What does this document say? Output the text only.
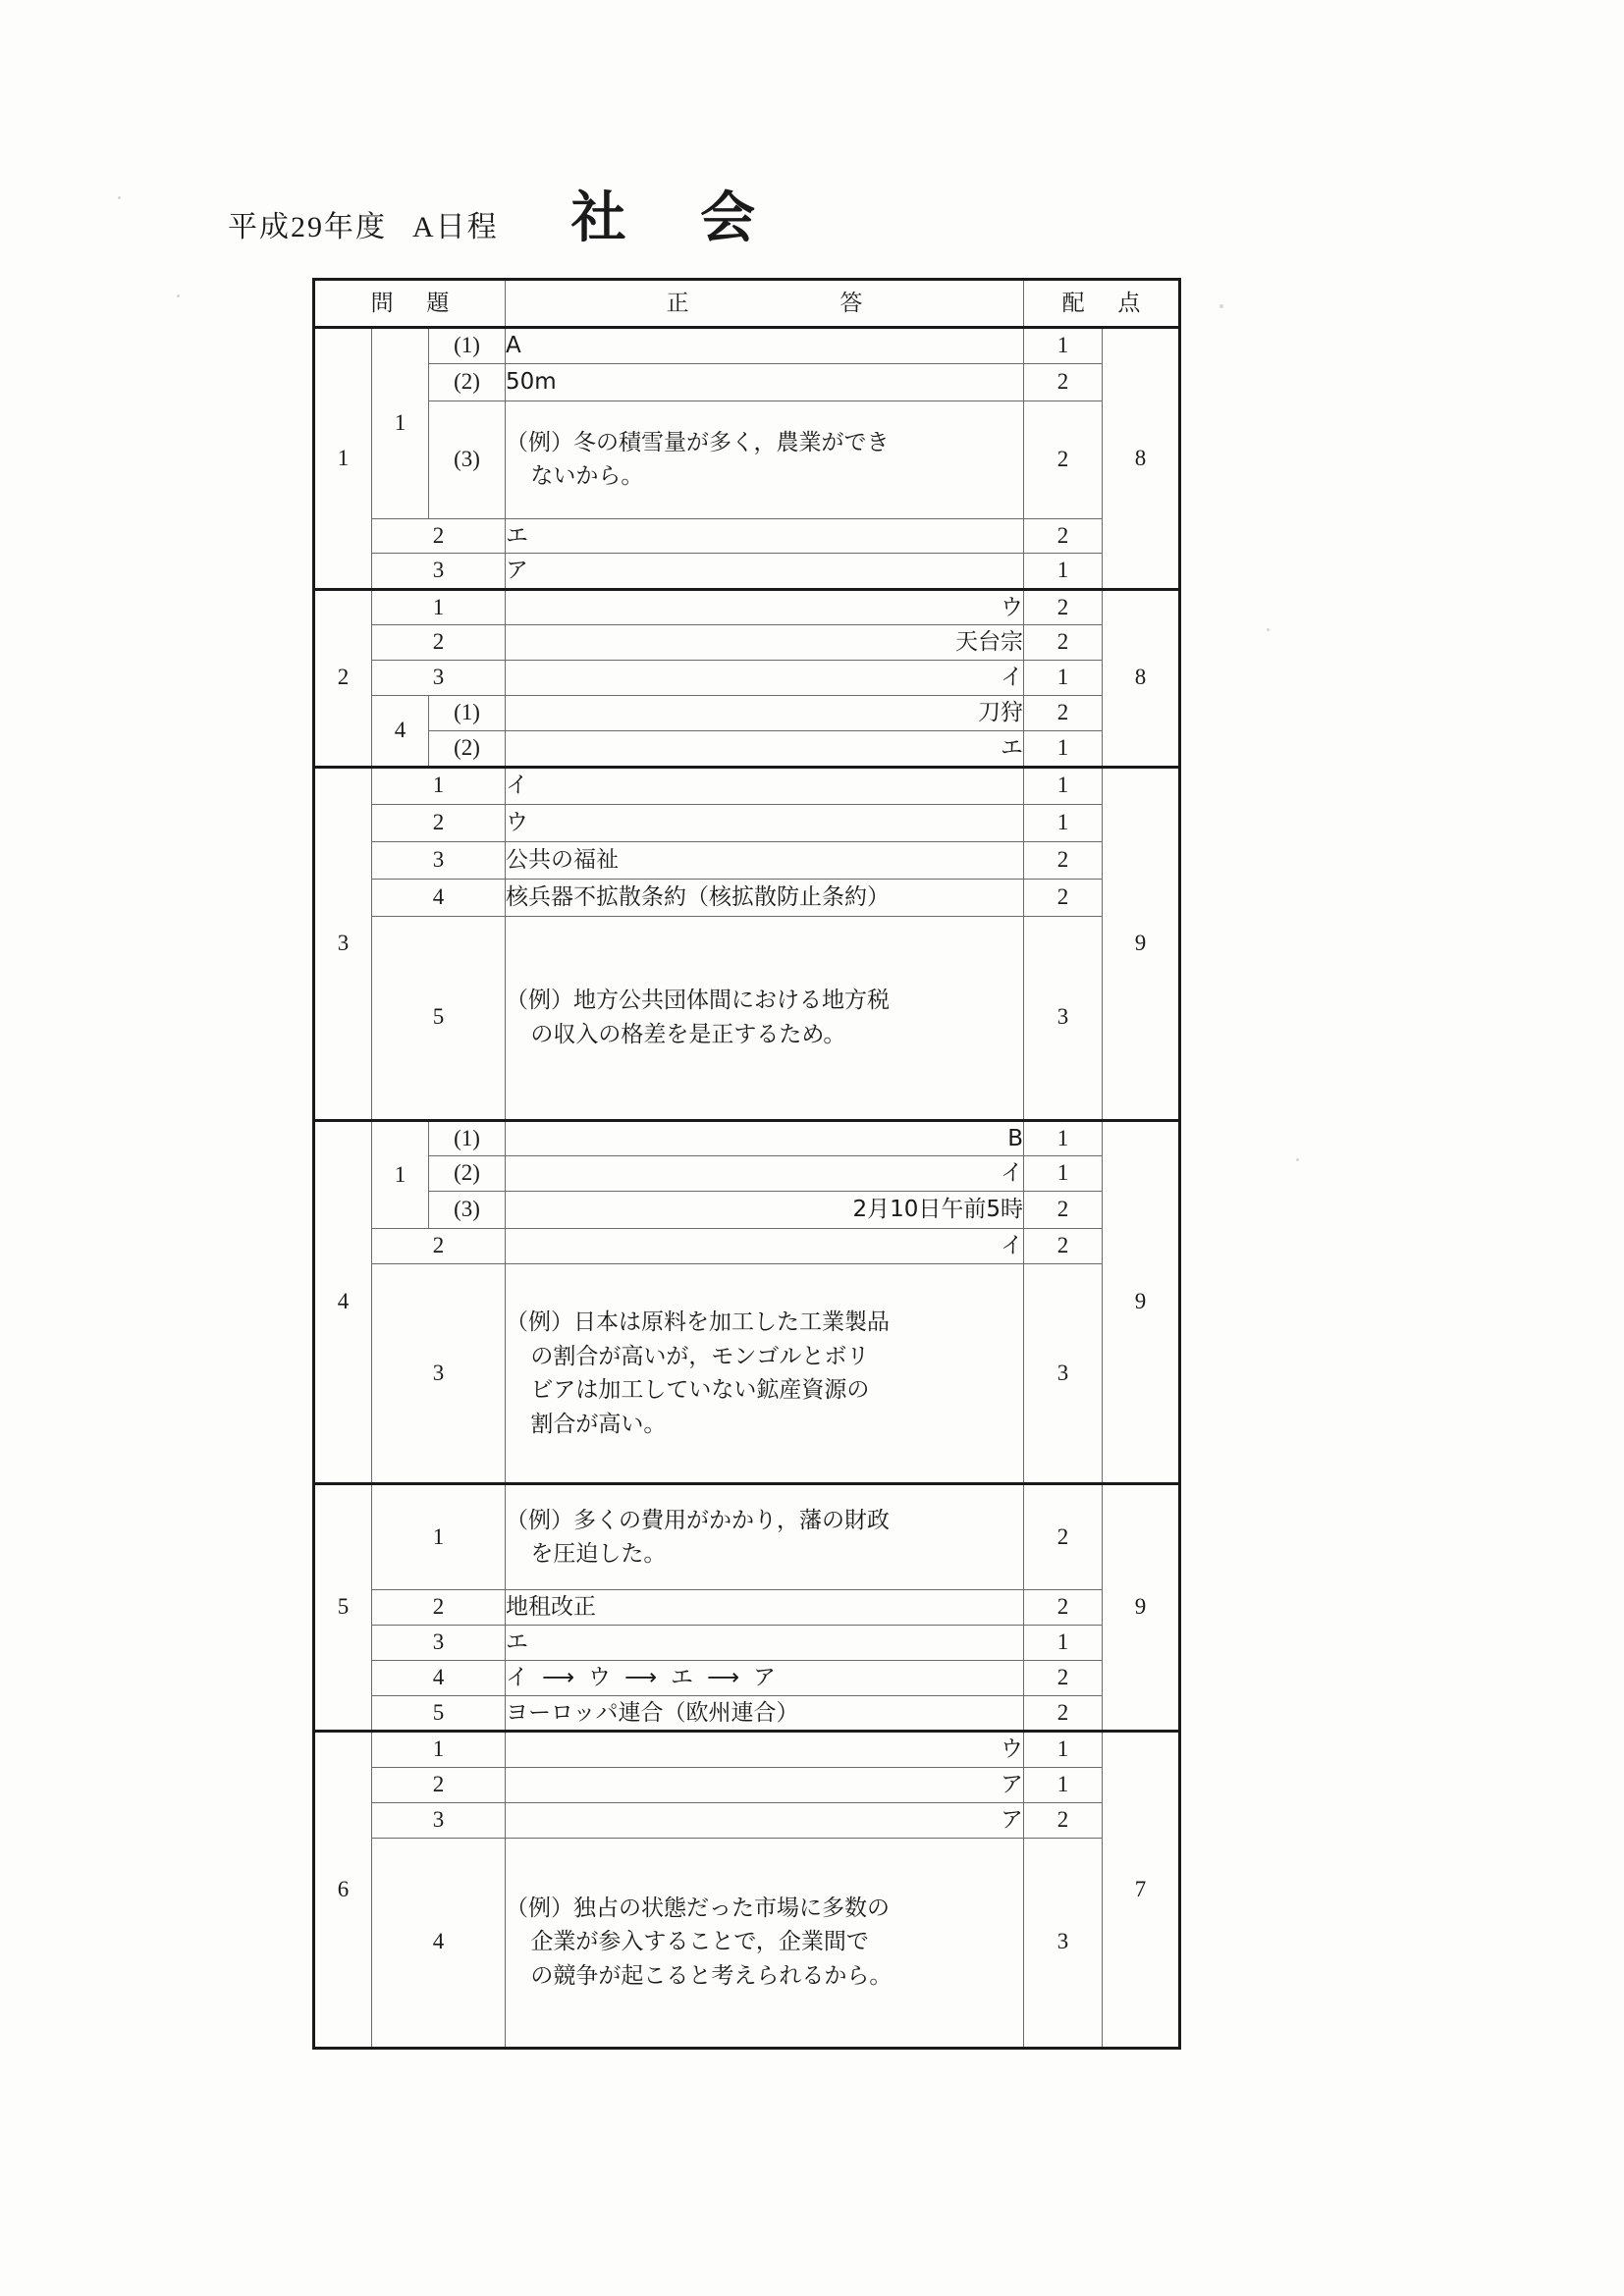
平成29年度 A日程 社 会
問 題			正 答	配 点	
1	1	(1)	A	1	8
		(2)	50m	2	
		(3)	（例）冬の積雪量が多く，農業ができ
ないから。	2	
	2		エ	2	
	3		ア	1	
2	1		ウ	2	8
	2		天台宗	2	
	3		イ	1	
	4	(1)	刀狩	2	
		(2)	エ	1	
3	1		イ	1	9
	2		ウ	1	
	3		公共の福祉	2	
	4		核兵器不拡散条約（核拡散防止条約）	2	
	5		（例）地方公共団体間における地方税
の収入の格差を是正するため。	3	
4	1	(1)	B	1	9
		(2)	イ	1	
		(3)	2月10日午前5時	2	
	2		イ	2	
	3		（例）日本は原料を加工した工業製品
の割合が高いが，モンゴルとボリ
ビアは加工していない鉱産資源の
割合が高い。	3	
5	1		（例）多くの費用がかかり，藩の財政
を圧迫した。	2	9
	2		地租改正	2	
	3		エ	1	
	4		イ ⟶ ウ ⟶ エ ⟶ ア	2	
	5		ヨーロッパ連合（欧州連合）	2	
6	1		ウ	1	7
	2		ア	1	
	3		ア	2	
	4		（例）独占の状態だった市場に多数の
企業が参入することで，企業間で
の競争が起こると考えられるから。	3	
